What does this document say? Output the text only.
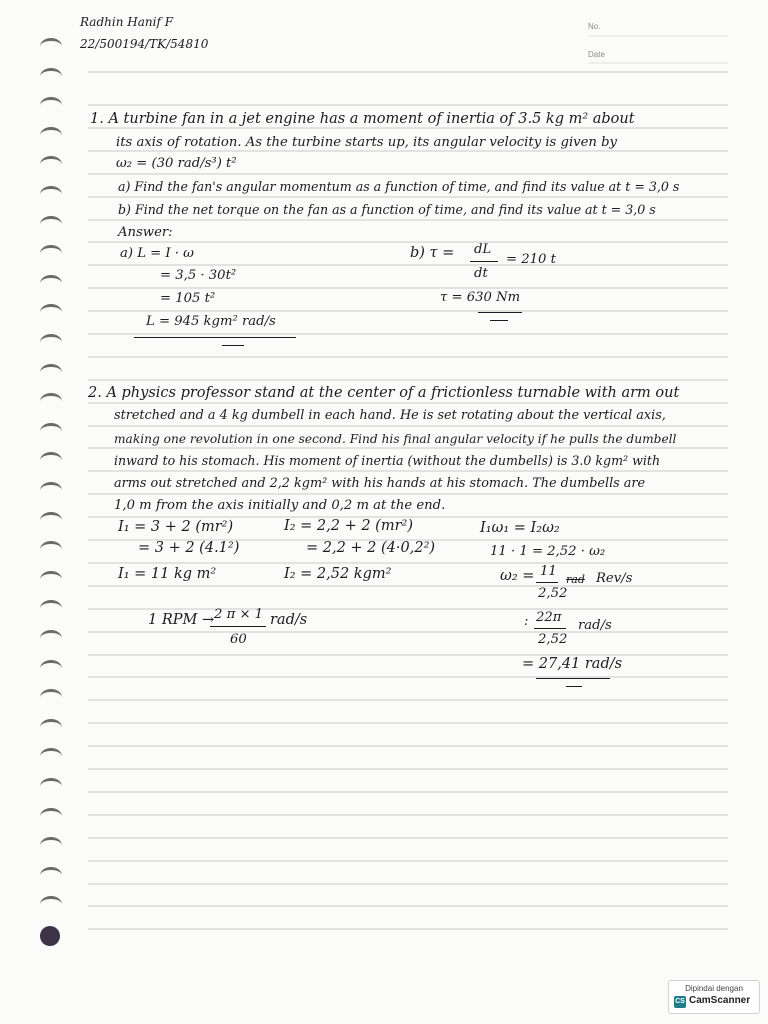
Radhin Hanif F
22/500194/TK/54810
No.
Date
1. A turbine fan in a jet engine has a moment of inertia of 3.5 kg m² about
its axis of rotation. As the turbine starts up, its angular velocity is given by
ω₂ = (30 rad/s³) t²
a) Find the fan's angular momentum as a function of time, and find its value at t = 3,0 s
b) Find the net torque on the fan as a function of time, and find its value at t = 3,0 s
Answer:
a) L = I · ω
= 3,5 · 30t²
= 105 t²
L = 945 kgm² rad/s
b) τ = dL
dt
= 210 t
τ = 630 Nm
2. A physics professor stand at the center of a frictionless turnable with arm out
stretched and a 4 kg dumbell in each hand. He is set rotating about the vertical axis,
making one revolution in one second. Find his final angular velocity if he pulls the dumbell
inward to his stomach. His moment of inertia (without the dumbells) is 3.0 kgm² with
arms out stretched and 2,2 kgm² with his hands at his stomach. The dumbells are
1,0 m from the axis initially and 0,2 m at the end.
I₁ = 3 + 2 (mr²)
= 3 + 2 (4.1²)
I₁ = 11 kg m²
I₂ = 2,2 + 2 (mr²)
= 2,2 + 2 (4·0,2²)
I₂ = 2,52 kgm²
I₁ω₁ = I₂ω₂
11 · 1 = 2,52 · ω₂
ω₂ = 11
2,52
rad Rev/s
: 22π
2,52
rad/s
= 27,41 rad/s
1 RPM → 2 π × 1
60
rad/s
Dipindai dengan
CS CamScanner
